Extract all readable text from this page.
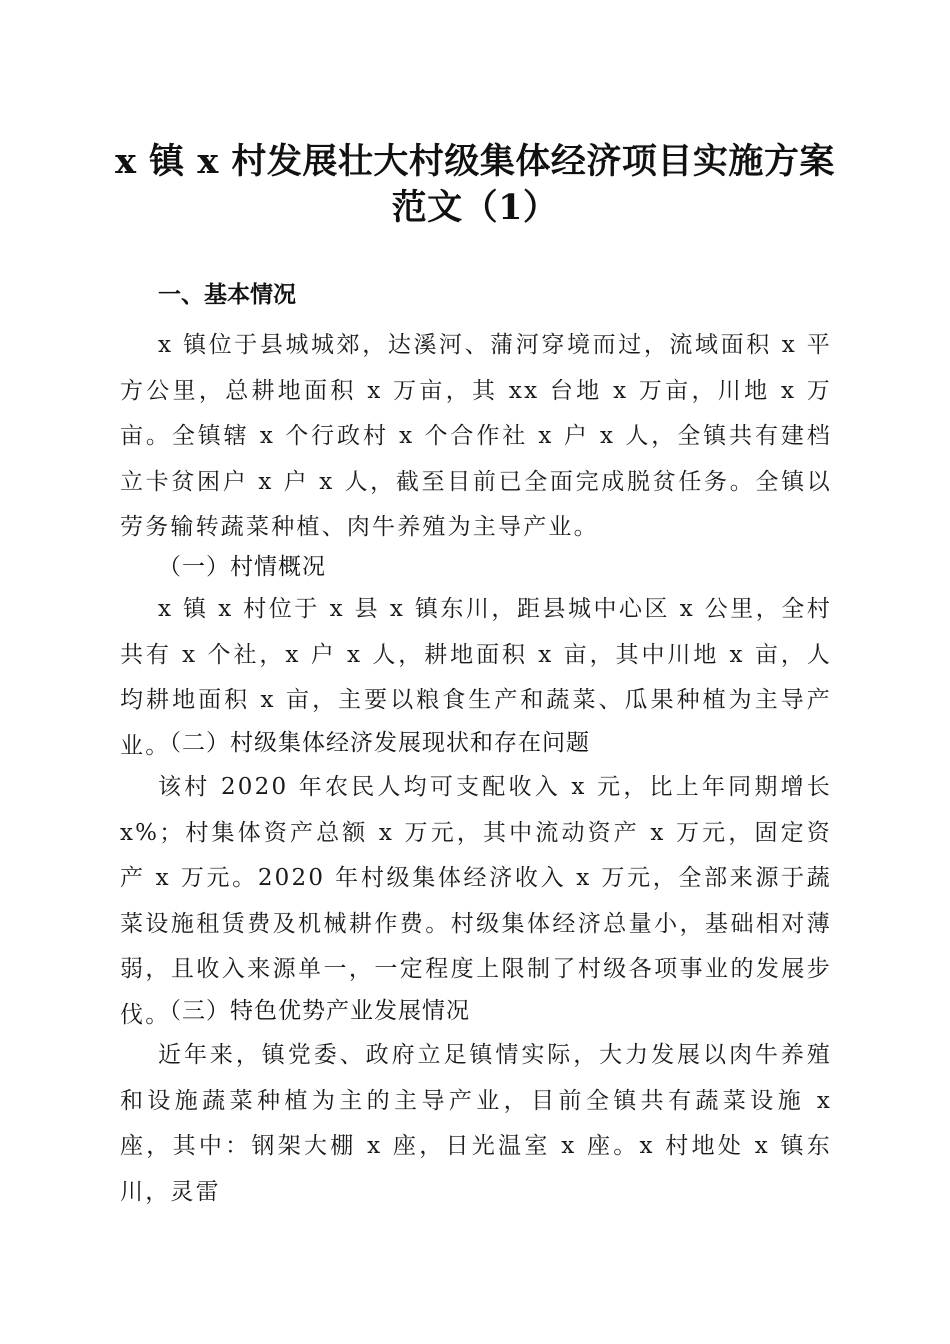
x 镇 x 村发展壮大村级集体经济项目实施方案
范文（1）
一、基本情况
x 镇位于县城城郊，达溪河、蒲河穿境而过，流域面积 x 平方公里，总耕地面积 x 万亩，其 xx 台地 x 万亩，川地 x 万亩。全镇辖 x 个行政村 x 个合作社 x 户 x 人，全镇共有建档立卡贫困户 x 户 x 人，截至目前已全面完成脱贫任务。全镇以劳务输转蔬菜种植、肉牛养殖为主导产业。
（一）村情概况
x 镇 x 村位于 x 县 x 镇东川，距县城中心区 x 公里，全村共有 x 个社，x 户 x 人，耕地面积 x 亩，其中川地 x 亩，人均耕地面积 x 亩，主要以粮食生产和蔬菜、瓜果种植为主导产业。
（二）村级集体经济发展现状和存在问题
该村 2020 年农民人均可支配收入 x 元，比上年同期增长x%；村集体资产总额 x 万元，其中流动资产 x 万元，固定资产 x 万元。2020 年村级集体经济收入 x 万元，全部来源于蔬菜设施租赁费及机械耕作费。村级集体经济总量小，基础相对薄弱，且收入来源单一，一定程度上限制了村级各项事业的发展步伐。
（三）特色优势产业发展情况
近年来，镇党委、政府立足镇情实际，大力发展以肉牛养殖和设施蔬菜种植为主的主导产业，目前全镇共有蔬菜设施 x 座，其中：钢架大棚 x 座，日光温室 x 座。x 村地处 x 镇东川，灵雷
